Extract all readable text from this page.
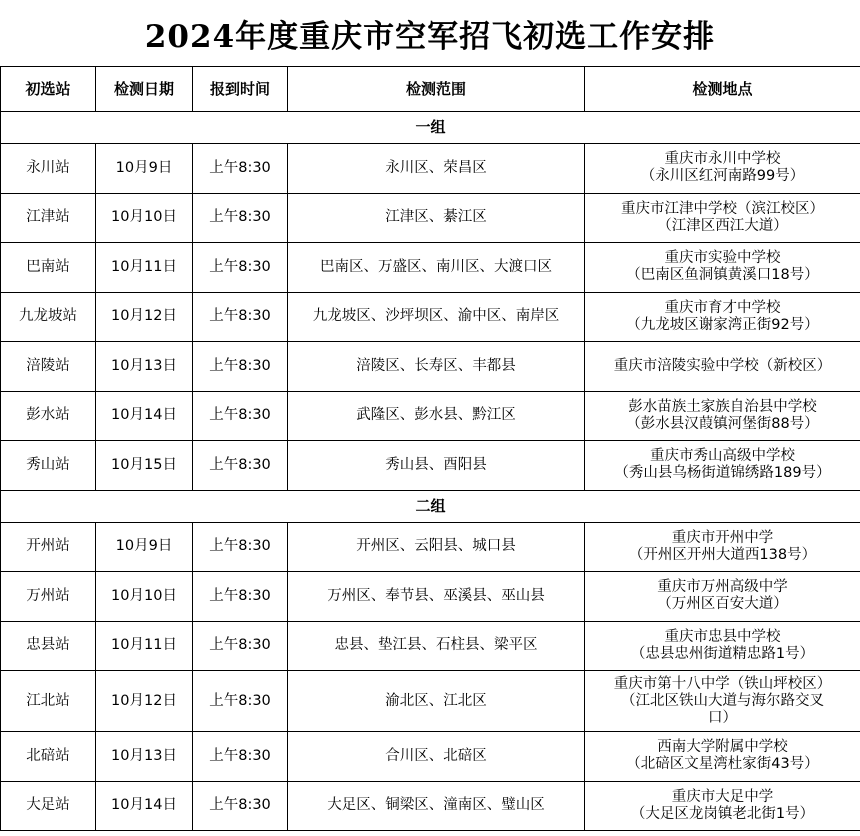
2024年度重庆市空军招飞初选工作安排
初选站	检测日期	报到时间	检测范围	检测地点
一组				
永川站	10月9日	上午8:30	永川区、荣昌区	重庆市永川中学校
（永川区红河南路99号）

江津站	10月10日	上午8:30	江津区、綦江区	重庆市江津中学校（滨江校区）
（江津区西江大道）

巴南站	10月11日	上午8:30	巴南区、万盛区、南川区、大渡口区	重庆市实验中学校
（巴南区鱼洞镇黄溪口18号）

九龙坡站	10月12日	上午8:30	九龙坡区、沙坪坝区、渝中区、南岸区	重庆市育才中学校
（九龙坡区谢家湾正街92号）

涪陵站	10月13日	上午8:30	涪陵区、长寿区、丰都县	重庆市涪陵实验中学校（新校区）

彭水站	10月14日	上午8:30	武隆区、彭水县、黔江区	彭水苗族土家族自治县中学校
（彭水县汉葭镇河堡街88号）

秀山站	10月15日	上午8:30	秀山县、酉阳县	重庆市秀山高级中学校
（秀山县乌杨街道锦绣路189号）

二组				
开州站	10月9日	上午8:30	开州区、云阳县、城口县	重庆市开州中学
（开州区开州大道西138号）

万州站	10月10日	上午8:30	万州区、奉节县、巫溪县、巫山县	重庆市万州高级中学
（万州区百安大道）

忠县站	10月11日	上午8:30	忠县、垫江县、石柱县、梁平区	重庆市忠县中学校
（忠县忠州街道精忠路1号）

江北站	10月12日	上午8:30	渝北区、江北区	重庆市第十八中学（铁山坪校区）
（江北区铁山大道与海尔路交叉
口）

北碚站	10月13日	上午8:30	合川区、北碚区	西南大学附属中学校
（北碚区文星湾杜家街43号）

大足站	10月14日	上午8:30	大足区、铜梁区、潼南区、璧山区	重庆市大足中学
（大足区龙岗镇老北街1号）
